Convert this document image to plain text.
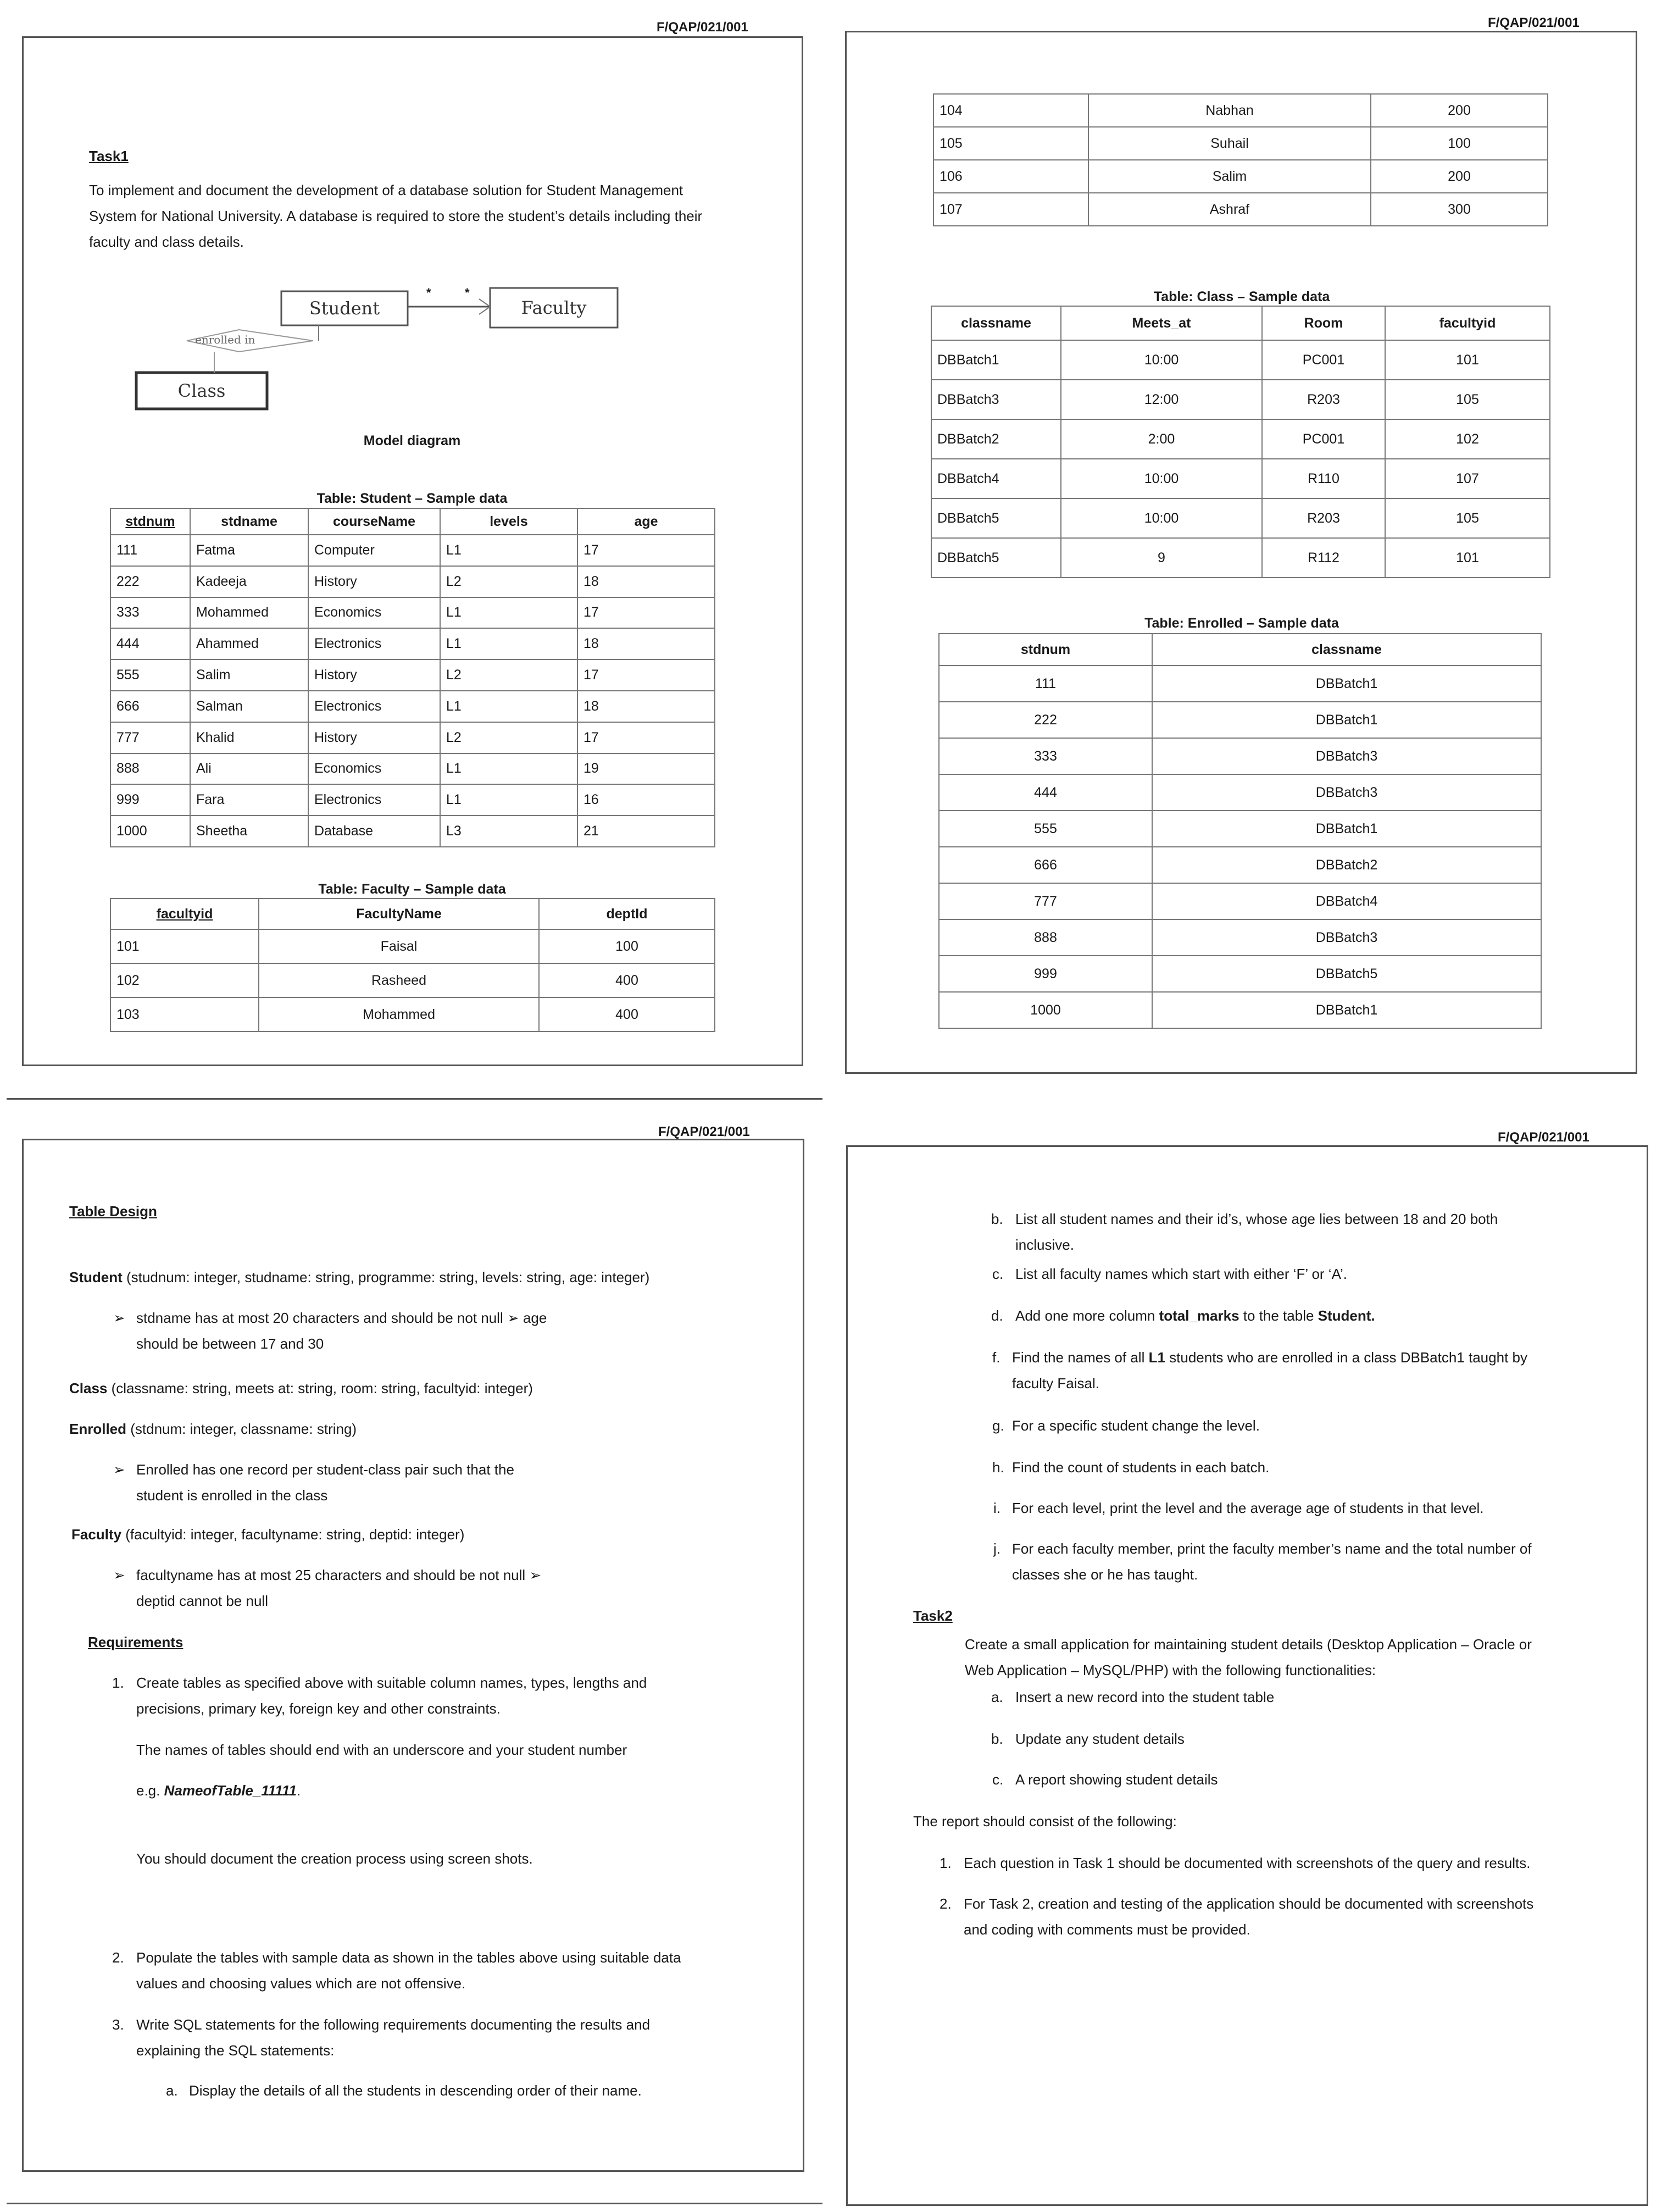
F/QAP/021/001
Task1
To implement and document the development of a database solution for Student Management
System for National University. A database is required to store the student’s details including their
faculty and class details.
Student	Faculty
Class
enrolled in
*	*
Model diagram
Table: Student – Sample data
stdnum	stdname	courseName	levels	age
111	Fatma	Computer	L1	17
222	Kadeeja	History	L2	18
333	Mohammed	Economics	L1	17
444	Ahammed	Electronics	L1	18
555	Salim	History	L2	17
666	Salman	Electronics	L1	18
777	Khalid	History	L2	17
888	Ali	Economics	L1	19
999	Fara	Electronics	L1	16
1000	Sheetha	Database	L3	21
Table: Faculty – Sample data
facultyid	FacultyName	deptId
101	Faisal	100
102	Rasheed	400
103	Mohammed	400
F/QAP/021/001
104	Nabhan	200
105	Suhail	100
106	Salim	200
107	Ashraf	300
Table: Class – Sample data
classname	Meets_at	Room	facultyid
DBBatch1	10:00	PC001	101
DBBatch3	12:00	R203	105
DBBatch2	2:00	PC001	102
DBBatch4	10:00	R110	107
DBBatch5	10:00	R203	105
DBBatch5	9	R112	101
Table: Enrolled – Sample data
stdnum	classname
111	DBBatch1
222	DBBatch1
333	DBBatch3
444	DBBatch3
555	DBBatch1
666	DBBatch2
777	DBBatch4
888	DBBatch3
999	DBBatch5
1000	DBBatch1
F/QAP/021/001
Table Design
Student (studnum: integer, studname: string, programme: string, levels: string, age: integer)
➢ stdname has at most 20 characters and should be not null ➢ age
should be between 17 and 30
Class (classname: string, meets at: string, room: string, facultyid: integer)
Enrolled (stdnum: integer, classname: string)
➢ Enrolled has one record per student-class pair such that the
student is enrolled in the class
Faculty (facultyid: integer, facultyname: string, deptid: integer)
➢ facultyname has at most 25 characters and should be not null ➢
deptid cannot be null
Requirements
1. Create tables as specified above with suitable column names, types, lengths and
precisions, primary key, foreign key and other constraints.
The names of tables should end with an underscore and your student number
e.g. NameofTable_11111.
You should document the creation process using screen shots.
2. Populate the tables with sample data as shown in the tables above using suitable data
values and choosing values which are not offensive.
3. Write SQL statements for the following requirements documenting the results and
explaining the SQL statements:
a. Display the details of all the students in descending order of their name.
F/QAP/021/001
b. List all student names and their id’s, whose age lies between 18 and 20 both
inclusive.
c. List all faculty names which start with either ‘F’ or ‘A’.
d. Add one more column total_marks to the table Student.
f. Find the names of all L1 students who are enrolled in a class DBBatch1 taught by
faculty Faisal.
g. For a specific student change the level.
h. Find the count of students in each batch.
i. For each level, print the level and the average age of students in that level.
j. For each faculty member, print the faculty member’s name and the total number of
classes she or he has taught.
Task2
Create a small application for maintaining student details (Desktop Application – Oracle or
Web Application – MySQL/PHP) with the following functionalities:
a. Insert a new record into the student table
b. Update any student details
c. A report showing student details
The report should consist of the following:
1. Each question in Task 1 should be documented with screenshots of the query and results.
2. For Task 2, creation and testing of the application should be documented with screenshots
and coding with comments must be provided.
